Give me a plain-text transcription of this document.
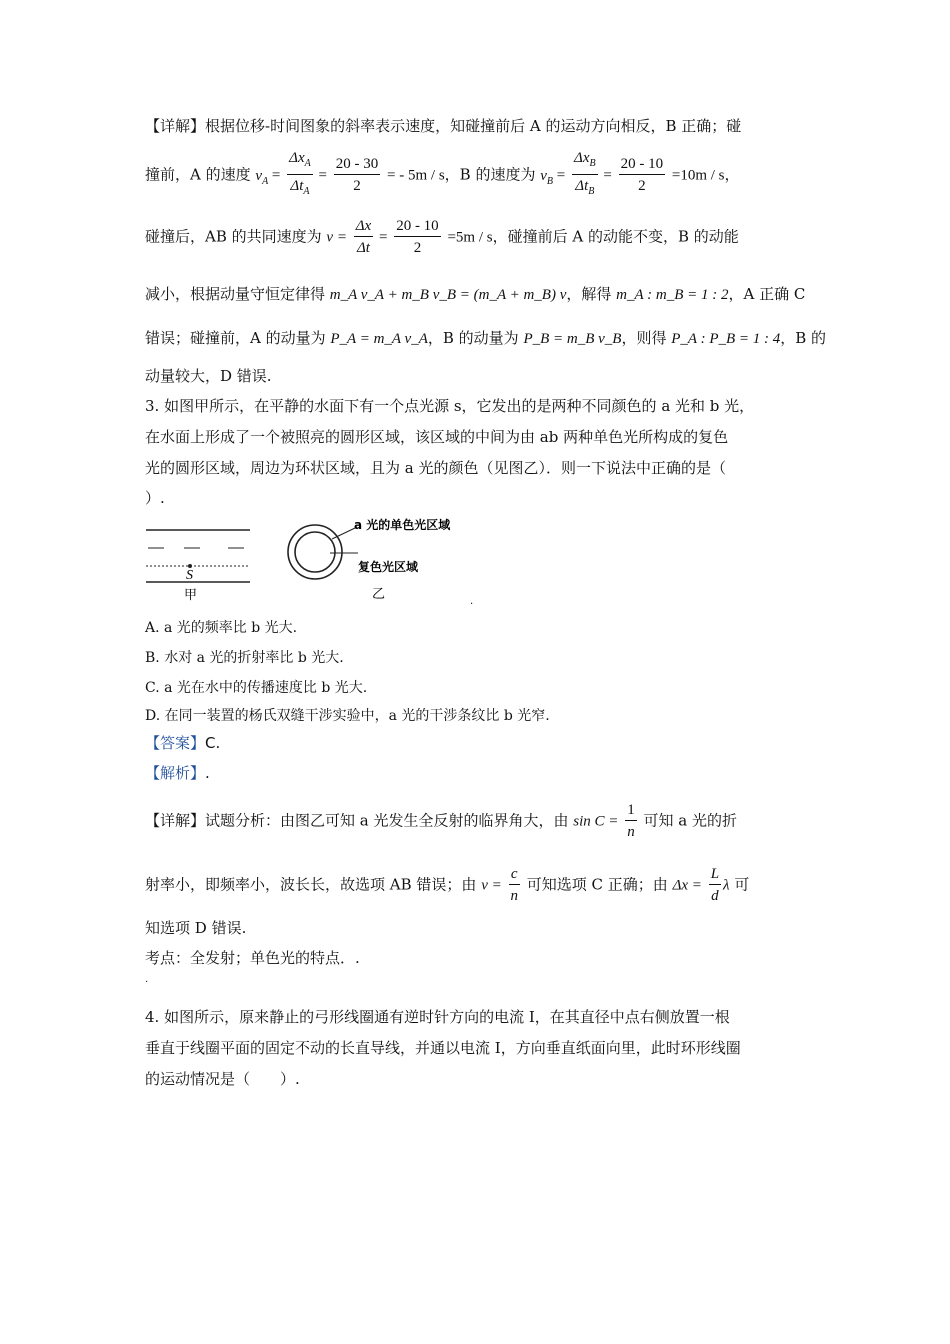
【详解】根据位移-时间图象的斜率表示速度，知碰撞前后 A 的运动方向相反，B 正确；碰
撞前，A 的速度 $v_A = \frac{\Delta x_A}{\Delta t_A} = \frac{20 - 30}{2}$ = - 5m / s，B 的速度为 $v_B = \frac{\Delta x_B}{\Delta t_B} = \frac{20 - 10}{2} =10m / s$，
碰撞后，AB 的共同速度为 $v = \frac{\Delta x}{\Delta t} = \frac{20 - 10}{2} =5m / s$，碰撞前后 A 的动能不变，B 的动能
减小，根据动量守恒定律得 m_A v_A + m_B v_B = (m_A + m_B) v，解得 m_A : m_B = 1 : 2，A 正确 C
错误；碰撞前，A 的动量为 P_A = m_A v_A，B 的动量为 P_B = m_B v_B，则得 P_A : P_B = 1 : 4，B 的
动量较大，D 错误.
3. 如图甲所示，在平静的水面下有一个点光源 s，它发出的是两种不同颜色的 a 光和 b 光，
在水面上形成了一个被照亮的圆形区域，该区域的中间为由 ab 两种单色光所构成的复色
光的圆形区域，周边为环状区域，且为 a 光的颜色（见图乙）．则一下说法中正确的是（
）.
S
甲
a 光的单色光区域
复色光区域
乙	.
A. a 光的频率比 b 光大.
B. 水对 a 光的折射率比 b 光大.
C. a 光在水中的传播速度比 b 光大.
D. 在同一装置的杨氏双缝干涉实验中，a 光的干涉条纹比 b 光窄.
【答案】C.
【解析】.
【详解】试题分析：由图乙可知 a 光发生全反射的临界角大，由 $\sin C = \frac{1}{n}$ 可知 a 光的折
射率小，即频率小，波长长，故选项 AB 错误；由 $v = \frac{c}{n}$ 可知选项 C 正确；由 $\Delta x = \frac{L}{d}$ λ 可
知选项 D 错误.
考点：全发射；单色光的特点．.
.
4. 如图所示，原来静止的弓形线圈通有逆时针方向的电流 I，在其直径中点右侧放置一根
垂直于线圈平面的固定不动的长直导线，并通以电流 I，方向垂直纸面向里，此时环形线圈
的运动情况是（　　）.
